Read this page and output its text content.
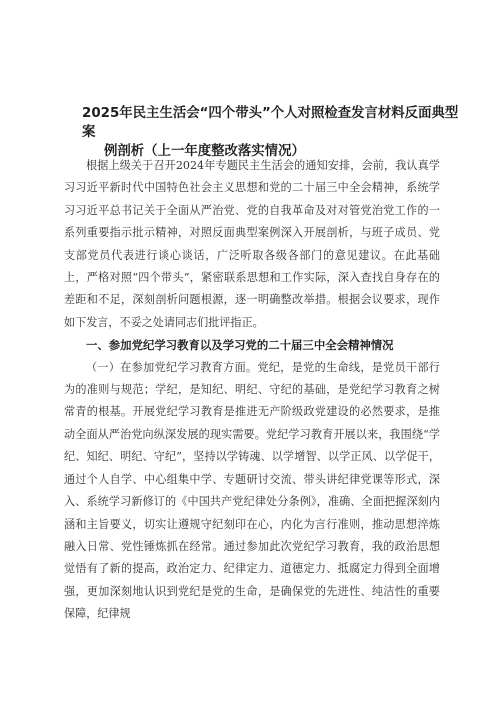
2025年民主生活会“四个带头”个人对照检查发言材料反面典型案
例剖析（上一年度整改落实情况）

根据上级关于召开2024年专题民主生活会的通知安排，会前，我认真学习习近平新时代中国特色社会主义思想和党的二十届三中全会精神，系统学习习近平总书记关于全面从严治党、党的自我革命及对对管党治党工作的一系列重要指示批示精神，对照反面典型案例深入开展剖析，与班子成员、党支部党员代表进行谈心谈话，广泛听取各级各部门的意见建议。在此基础上，严格对照“四个带头”，紧密联系思想和工作实际，深入查找自身存在的差距和不足，深刻剖析问题根源，逐一明确整改举措。根据会议要求，现作如下发言，不妥之处请同志们批评指正。

一、参加党纪学习教育以及学习党的二十届三中全会精神情况

（一）在参加党纪学习教育方面。党纪，是党的生命线，是党员干部行为的准则与规范；学纪，是知纪、明纪、守纪的基础，是党纪学习教育之树常青的根基。开展党纪学习教育是推进无产阶级政党建设的必然要求，是推动全面从严治党向纵深发展的现实需要。党纪学习教育开展以来，我围绕“学纪、知纪、明纪、守纪”，坚持以学铸魂、以学增智、以学正风、以学促干，通过个人自学、中心组集中学、专题研讨交流、带头讲纪律党课等形式，深入、系统学习新修订的《中国共产党纪律处分条例》，准确、全面把握深刻内涵和主旨要义，切实让遵规守纪刻印在心，内化为言行准则，推动思想淬炼融入日常、党性锤炼抓在经常。通过参加此次党纪学习教育，我的政治思想觉悟有了新的提高，政治定力、纪律定力、道德定力、抵腐定力得到全面增强，更加深刻地认识到党纪是党的生命，是确保党的先进性、纯洁性的重要保障，纪律规
